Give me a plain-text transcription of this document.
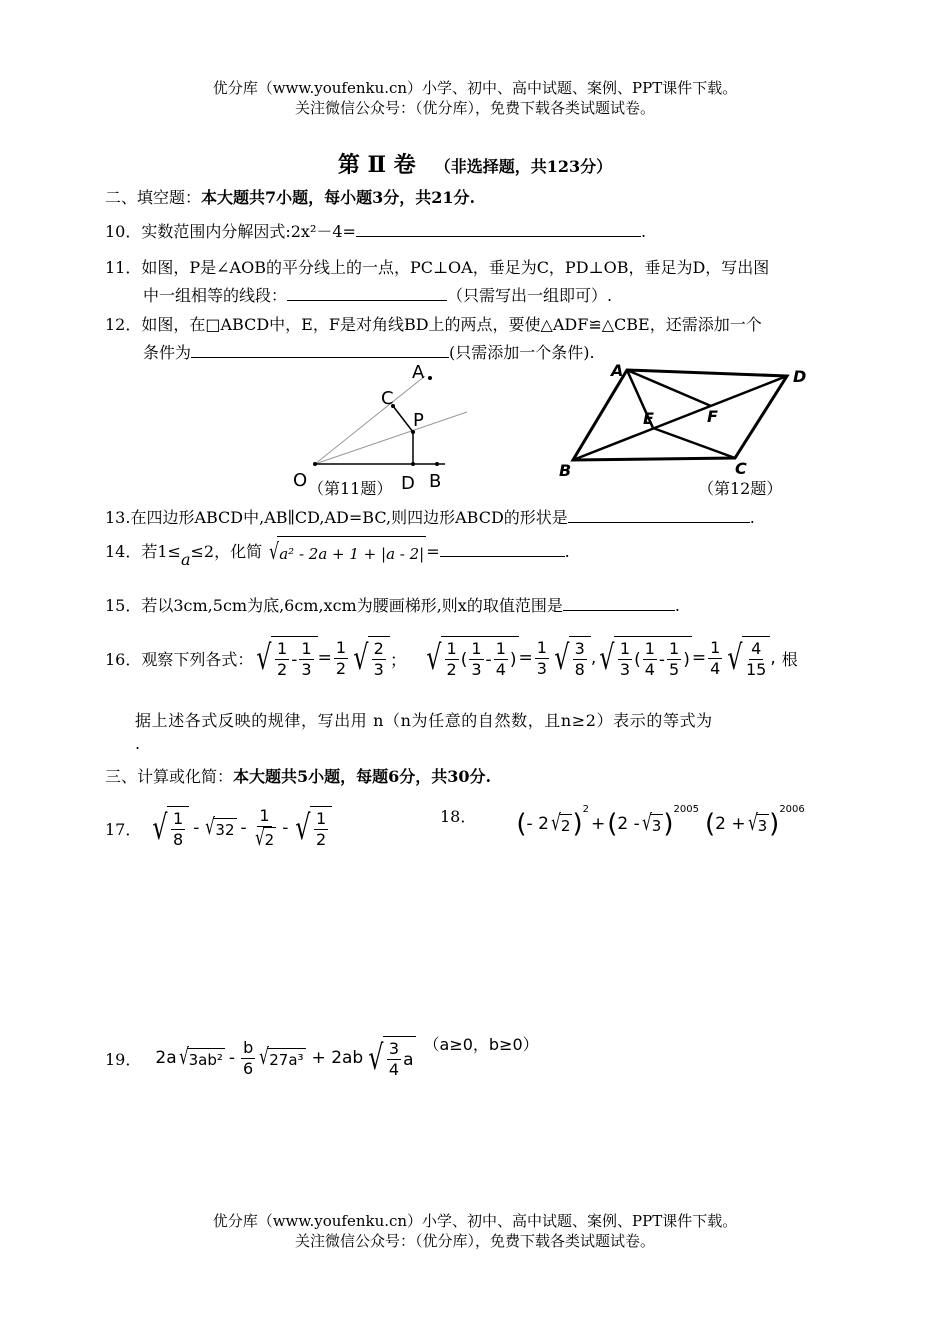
优分库（www.youfenku.cn）小学、初中、高中试题、案例、PPT课件下载。
关注微信公众号：（优分库），免费下载各类试题试卷。
第 Ⅱ 卷 （非选择题，共123分）
二、填空题：本大题共7小题，每小题3分，共21分.
10．实数范围内分解因式:2x²－4=	.
11．如图，P是∠AOB的平分线上的一点，PC⊥OA，垂足为C，PD⊥OB，垂足为D，写出图
中一组相等的线段：	（只需写出一组即可）.
12．如图，在□ABCD中，E，F是对角线BD上的两点，要使△ADF≌△CBE，还需添加一个
条件为	(只需添加一个条件).
A
C
P
O	D B
（第11题）
A	D
E	F
B	C
（第12题）
13.在四边形ABCD中,AB∥CD,AD=BC,则四边形ABCD的形状是	.
14．若1≤a≤2，化简 √ a² - 2a + 1 + |a - 2| =	.
15．若以3cm,5cm为底,6cm,xcm为腰画梯形,则x的取值范围是	.
16．观察下列各式： √ $\frac{1}{2} - \frac{1}{3} = \frac{1}{2}$ √ $\frac{2}{3}$ ； √ $\frac{1}{2}$ ( $\frac{1}{3} - \frac{1}{4}$ ) = $\frac{1}{3}$ √ $\frac{3}{8}$ , √ $\frac{1}{3}$ ( $\frac{1}{4} - \frac{1}{5}$ ) = $\frac{1}{4}$ √ $\frac{4}{15}$ , 根
据上述各式反映的规律，写出用 n（n为任意的自然数，且n≥2）表示的等式为
.
三、计算或化简：本大题共5小题，每题6分，共30分.
17． √ $\frac{1}{8}$ - √ $32 - \frac{1}{√ 2}$ - √ $\frac{1}{2}$	18． ( - 2 √ 2 )$^2$
+ ( 2 - √ 3 )$^{2005}$ ( 2 + √ 3 )$^{2006}$
19． 2a √ $3ab^2 - \frac{b}{6}$ √ 27a³ + 2ab √ $\frac{3}{4}$ a
（a≥0，b≥0）
优分库（www.youfenku.cn）小学、初中、高中试题、案例、PPT课件下载。
关注微信公众号：（优分库），免费下载各类试题试卷。
